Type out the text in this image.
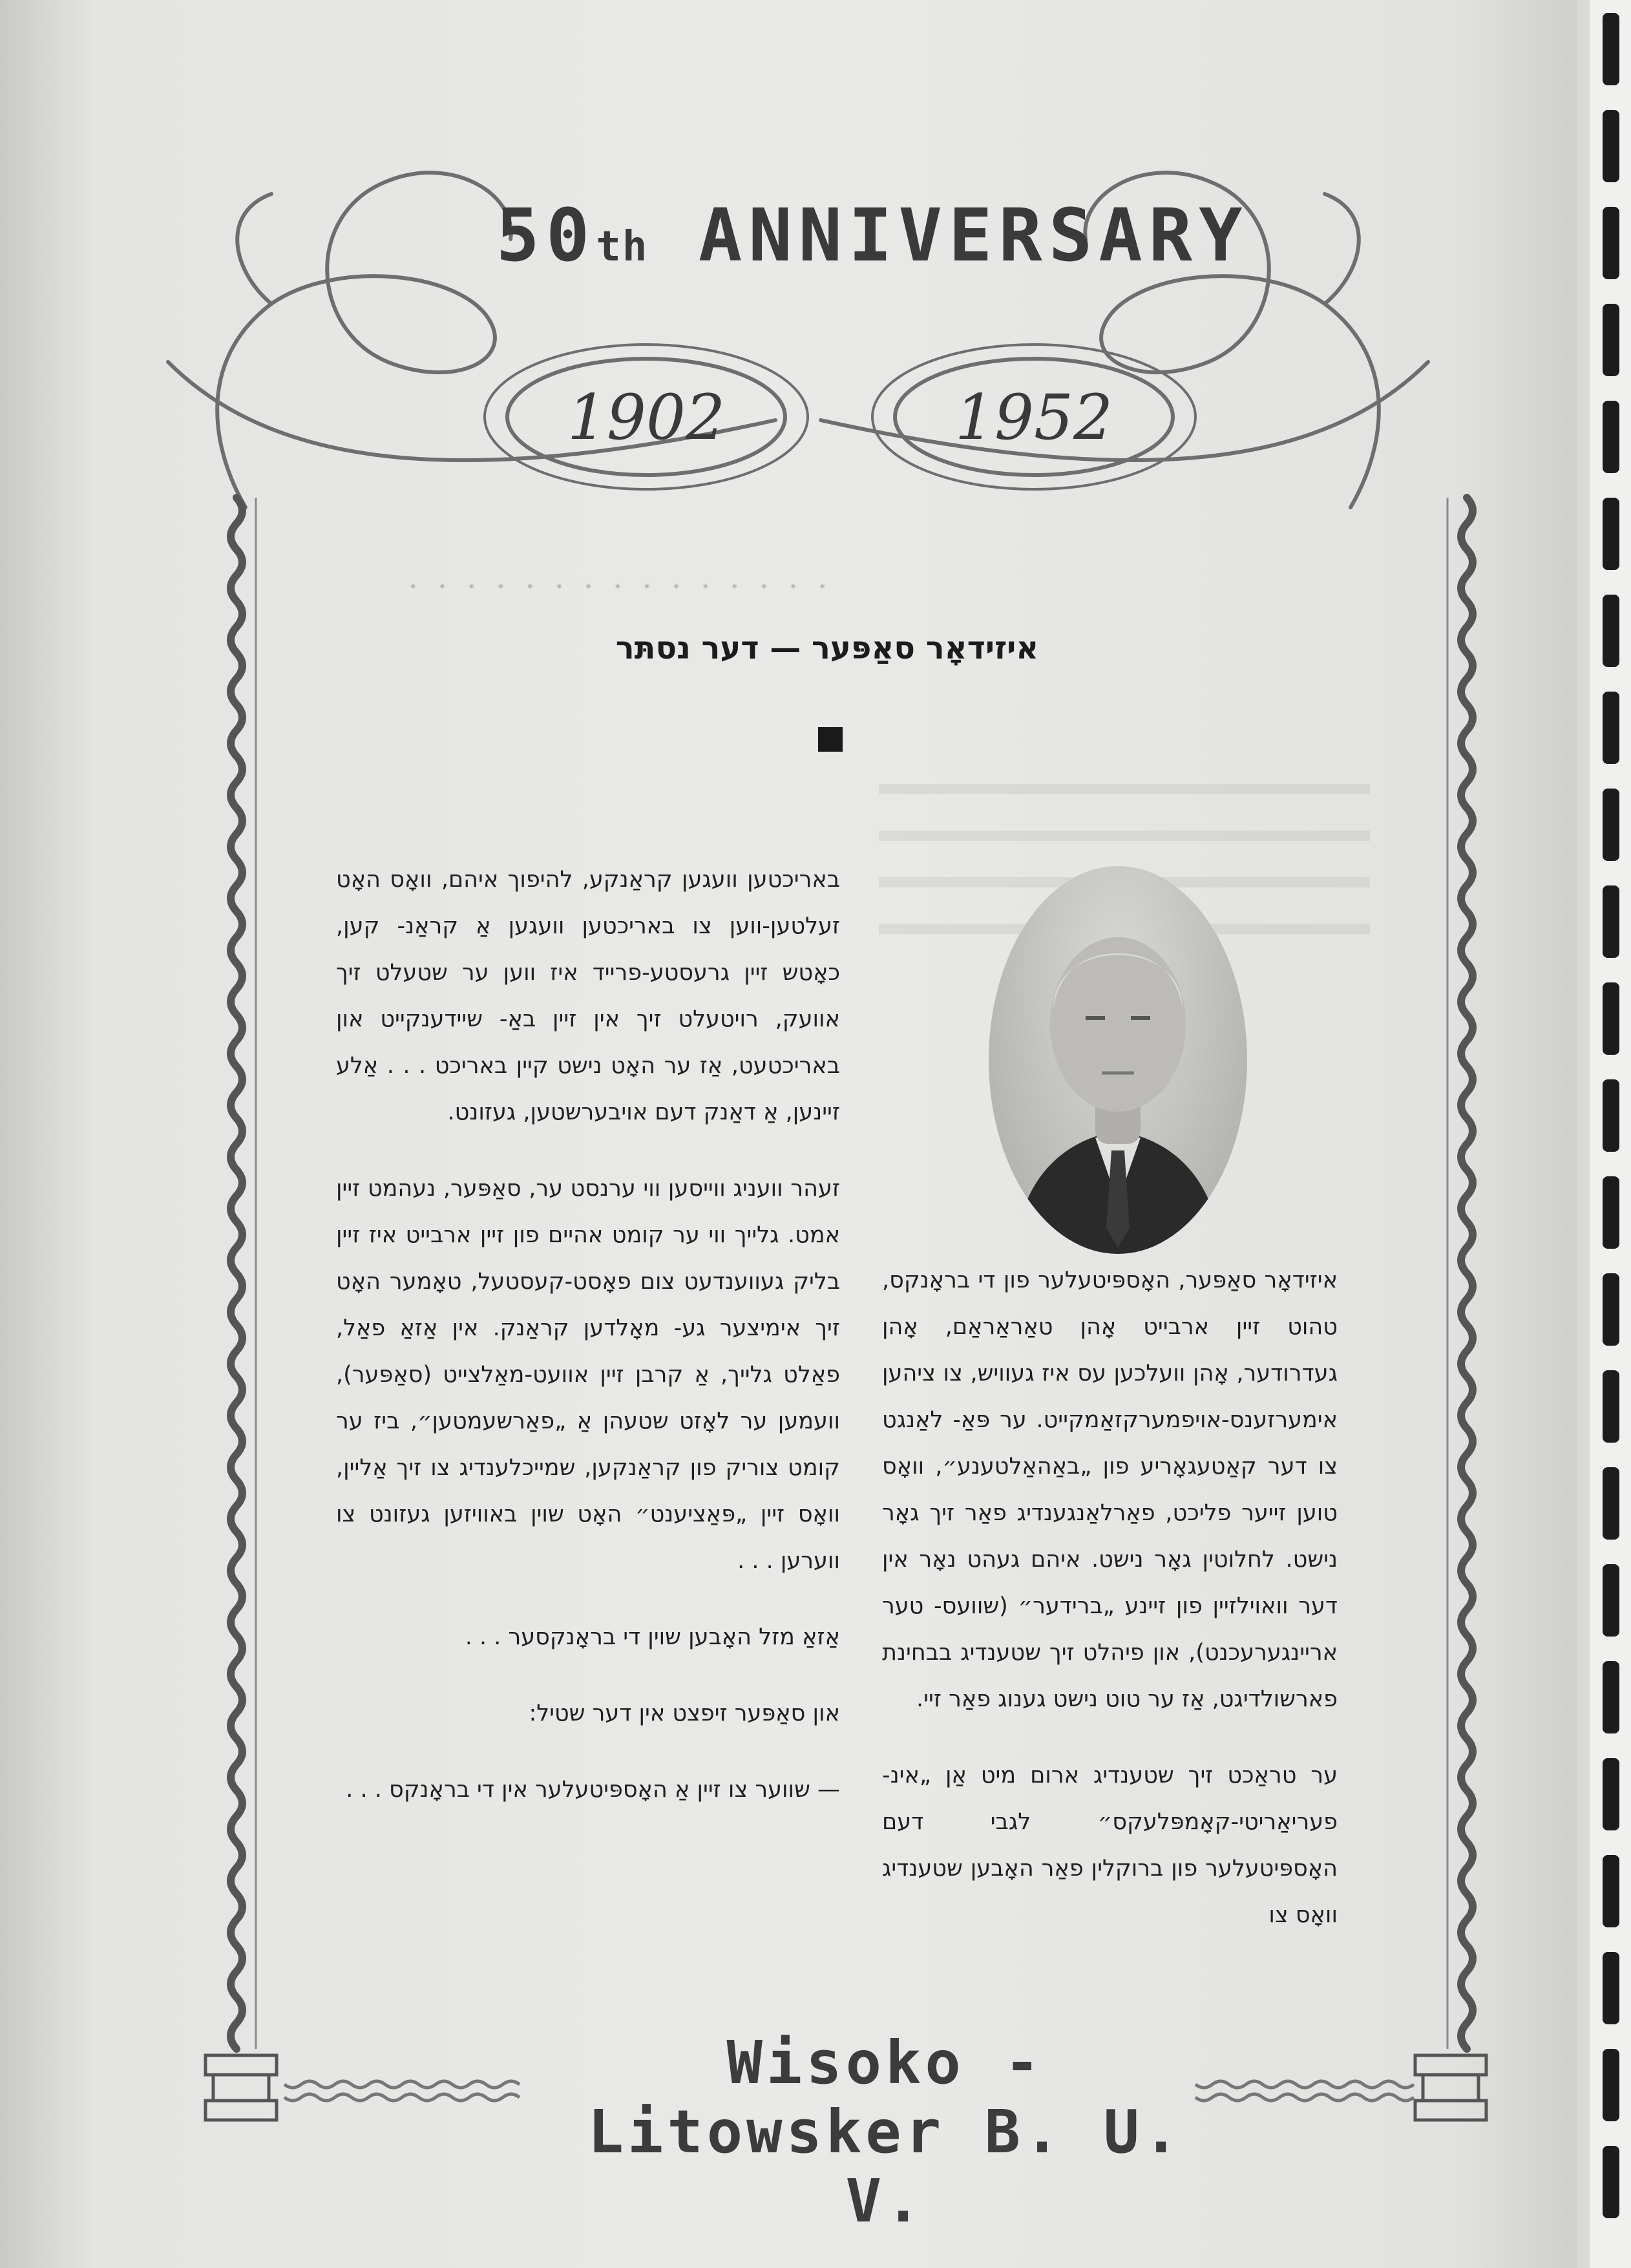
50th ANNIVERSARY
1902	1952
· · · · · · · · · · · · · · ·
איזידאָר סאַפּער — דער נסתּר

איזידאָר סאַפּער, האָספּיטעלער פון די בראָנקס, טהוט זיין ארבייט אָהן טאַראַראַם, אָהן געדרודער, אָהן וועלכען עס איז געוויש, צו ציהען אימערזענס-אויפמערקזאַמקייט. ער פּאַ- לאַנגט צו דער קאַטעגאָריע פון „באַהאַלטענע״, וואָס טוען זייער פליכט, פאַרלאַנגענדיג פאַר זיך גאָר נישט. לחלוטין גאָר נישט. איהם געהט נאָר אין דער וואוילזיין פון זיינע „ברידער״ (שוועס- טער אריינגערעכנט), און פיהלט זיך שטענדיג בבחינת פארשולדיגט, אַז ער טוט נישט גענוג פאַר זיי.

ער טראַכט זיך שטענדיג ארום מיט אַן „אינ- פעריאַריטי-קאָמפּלעקס״ לגבי דעם האָספּיטעלער פון ברוקלין פאַר האָבען שטענדיג וואָס צו

באריכטען וועגען קראַנקע, להיפוך איהם, וואָס האָט זעלטען-ווען צו באריכטען וועגען אַ קראַנ- קען, כאָטש זיין גרעסטע-פרייד איז ווען ער שטעלט זיך אוועק, רויטעלט זיך אין זיין באַ- שיידענקייט און באריכטעט, אַז ער האָט נישט קיין באריכט . . . אַלע זיינען, אַ דאַנק דעם אויבערשטען, געזונט.

זעהר וועניג ווייסען ווי ערנסט ער, סאַפּער, נעהמט זיין אמט. גלייך ווי ער קומט אהיים פון זיין ארבייט איז זיין בליק געווענדעט צום פאָסט-קעסטעל, טאָמער האָט זיך אימיצער גע- מאָלדען קראַנק. אין אַזאַ פאַל, פאַלט גלייך, אַ קרבן זיין אוועט-מאַלצייט (סאַפּער), וועמען ער לאָזט שטעהן אַ „פאַרשעמטען״, ביז ער קומט צוריק פון קראַנקען, שמייכלענדיג צו זיך אַליין, וואָס זיין „פּאַציענט״ האָט שוין באוויזען געזונט צו ווערען . . .

אַזאַ מזל האָבען שוין די בראָנקסער . . .

און סאַפּער זיפצט אין דער שטיל:

— שווער צו זיין אַ האָספּיטעלער אין די בראָנקס . . .

Wisoko - Litowsker B. U. V.
